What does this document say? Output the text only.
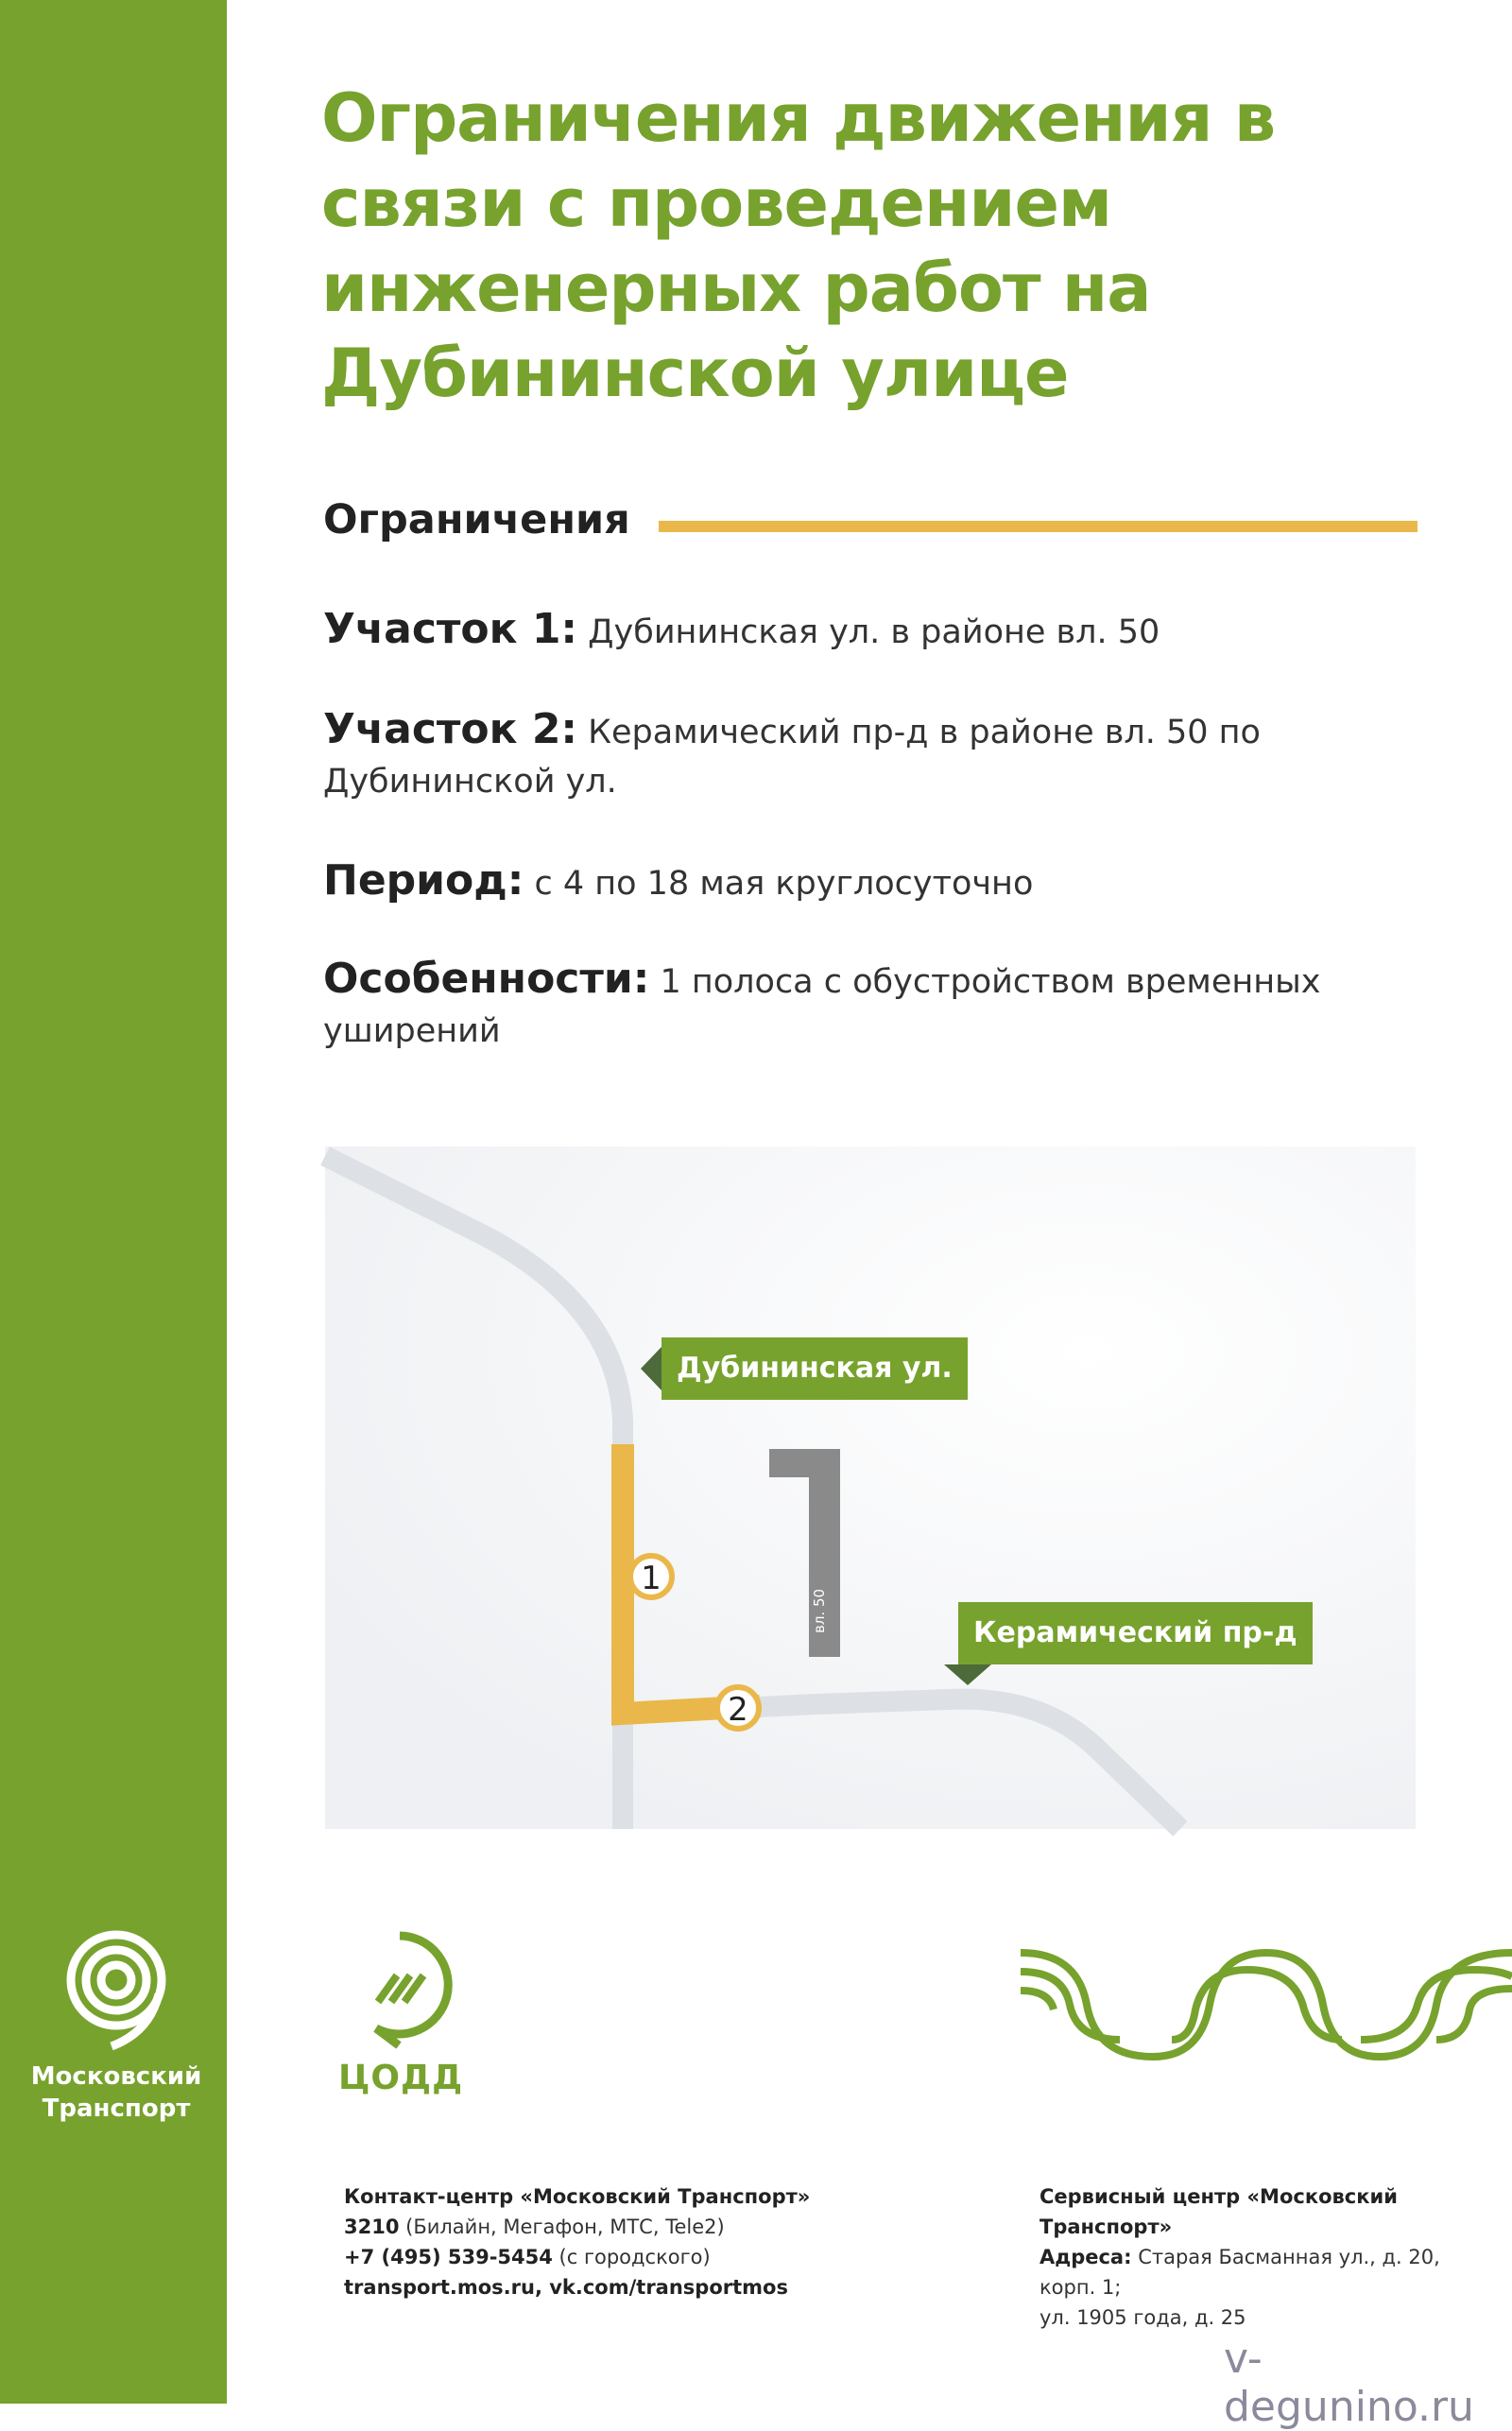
Московский
Транспорт
Ограничения движения в связи с проведением инженерных работ на Дубининской улице
Ограничения
Участок 1: Дубининская ул. в районе вл. 50
Участок 2: Керамический пр-д в районе вл. 50 по Дубининской ул.
Период: с 4 по 18 мая круглосуточно
Особенности: 1 полоса с обустройством временных уширений
вл. 50
1
2
Дубининская ул.
Керамический пр-д
ЦОДД
Контакт-центр «Московский Транспорт»
3210 (Билайн, Мегафон, МТС, Tele2)
+7 (495) 539-5454 (с городского)
transport.mos.ru, vk.com/transportmos
Сервисный центр «Московский Транспорт»
Адреса: Старая Басманная ул., д. 20, корп. 1;
ул. 1905 года, д. 25
v-degunino.ru
